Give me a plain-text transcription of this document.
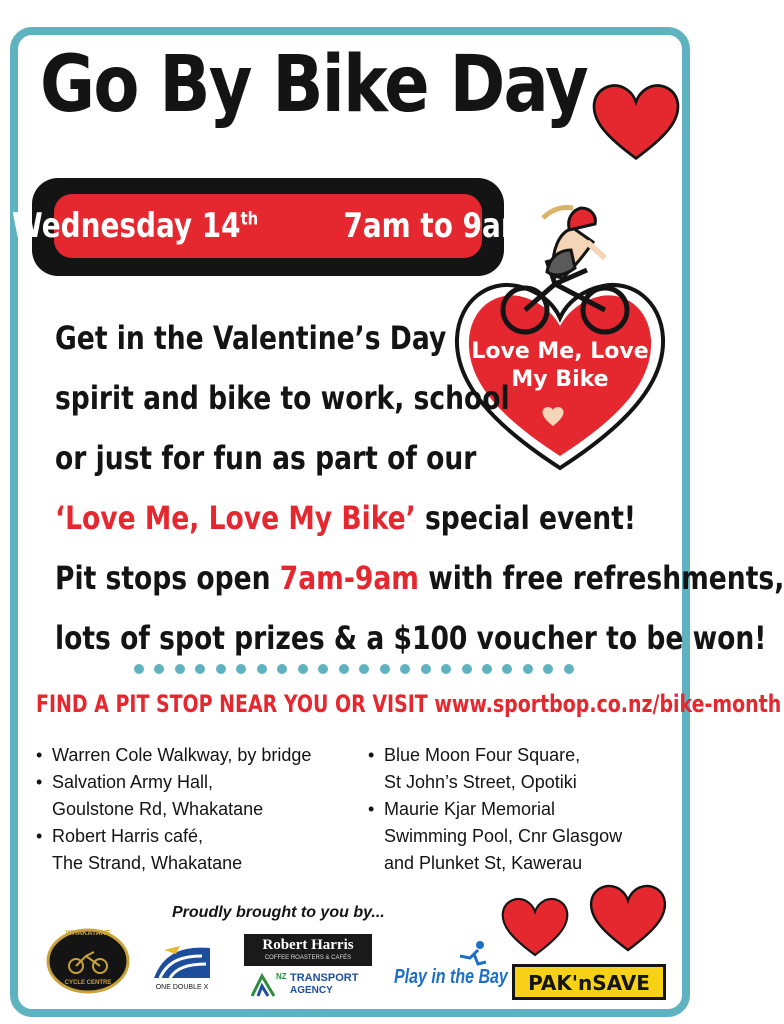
Go By Bike Day
Wednesday 14th	7am to 9am
Love Me, Love
My Bike
Get in the Valentine’s Day
spirit and bike to work, school
or just for fun as part of our
‘Love Me, Love My Bike’ special event!
Pit stops open 7am-9am with free refreshments,
lots of spot prizes & a $100 voucher to be won!
FIND A PIT STOP NEAR YOU OR VISIT www.sportbop.co.nz/bike-month
• Warren Cole Walkway, by bridge
• Salvation Army Hall,
Goulstone Rd, Whakatane
• Robert Harris café,
The Strand, Whakatane
• Blue Moon Four Square,
St John’s Street, Opotiki
• Maurie Kjar Memorial
Swimming Pool, Cnr Glasgow
and Plunket St, Kawerau
Proudly brought to you by...
WHAKATANE
CYCLE CENTRE
ONE DOUBLE X
Robert Harris
COFFEE ROASTERS & CAFÉS
NZ TRANSPORT
AGENCY
Play in the Bay	PAK'nSAVE
